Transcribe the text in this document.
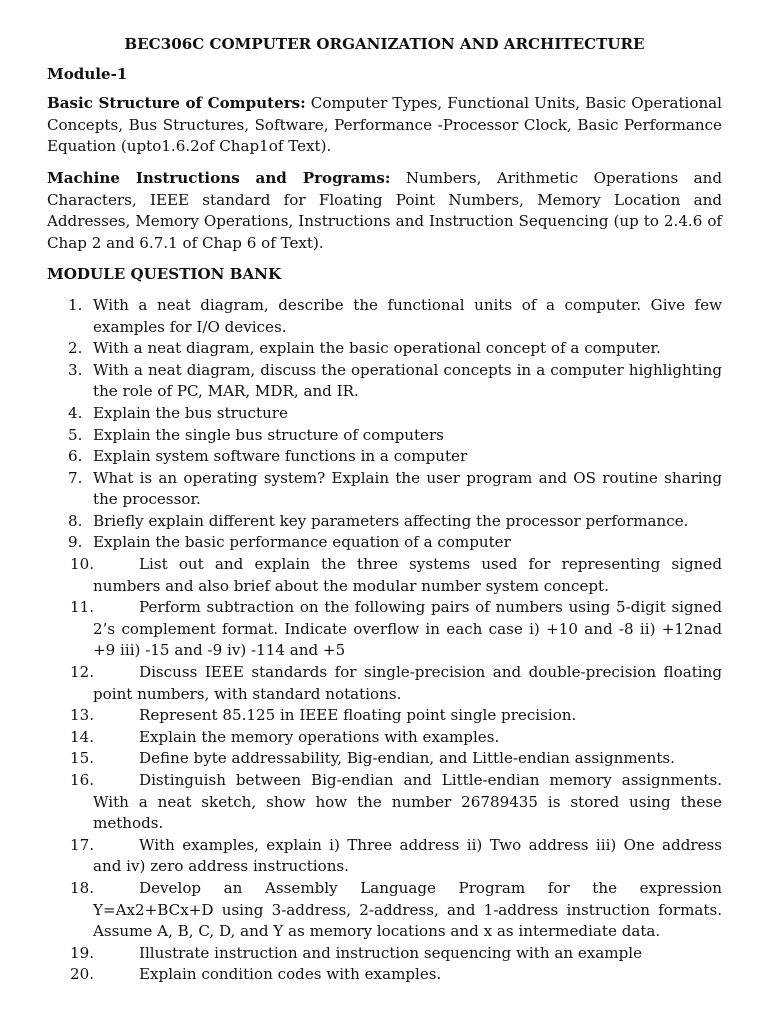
BEC306C COMPUTER ORGANIZATION AND ARCHITECTURE
Module-1

Basic Structure of Computers: Computer Types, Functional Units, Basic Operational Concepts, Bus Structures, Software, Performance -Processor Clock, Basic Performance Equation (upto1.6.2of Chap1of Text).

Machine Instructions and Programs: Numbers, Arithmetic Operations and Characters, IEEE standard for Floating Point Numbers, Memory Location and Addresses, Memory Operations, Instructions and Instruction Sequencing (up to 2.4.6 of Chap 2 and 6.7.1 of Chap 6 of Text).

MODULE QUESTION BANK
1. With a neat diagram, describe the functional units of a computer. Give few examples for I/O devices.
2. With a neat diagram, explain the basic operational concept of a computer.
3. With a neat diagram, discuss the operational concepts in a computer highlighting the role of PC, MAR, MDR, and IR.
4. Explain the bus structure
5. Explain the single bus structure of computers
6. Explain system software functions in a computer
7. What is an operating system? Explain the user program and OS routine sharing the processor.
8. Briefly explain different key parameters affecting the processor performance.
9. Explain the basic performance equation of a computer
10.	List out and explain the three systems used for representing signed numbers and also brief about the modular number system concept.
11.	Perform subtraction on the following pairs of numbers using 5-digit signed 2’s complement format. Indicate overflow in each case i) +10 and -8 ii) +12nad +9 iii) -15 and -9 iv) -114 and +5
12.	Discuss IEEE standards for single-precision and double-precision floating point numbers, with standard notations.
13.	Represent 85.125 in IEEE floating point single precision.
14.	Explain the memory operations with examples.
15.	Define byte addressability, Big-endian, and Little-endian assignments.
16.	Distinguish between Big-endian and Little-endian memory assignments. With a neat sketch, show how the number 26789435 is stored using these methods.
17.	With examples, explain i) Three address ii) Two address iii) One address and iv) zero address instructions.
18.	Develop an Assembly Language Program for the expression Y=Ax2+BCx+D using 3-address, 2-address, and 1-address instruction formats. Assume A, B, C, D, and Y as memory locations and x as intermediate data.
19.	Illustrate instruction and instruction sequencing with an example
20.	Explain condition codes with examples.
